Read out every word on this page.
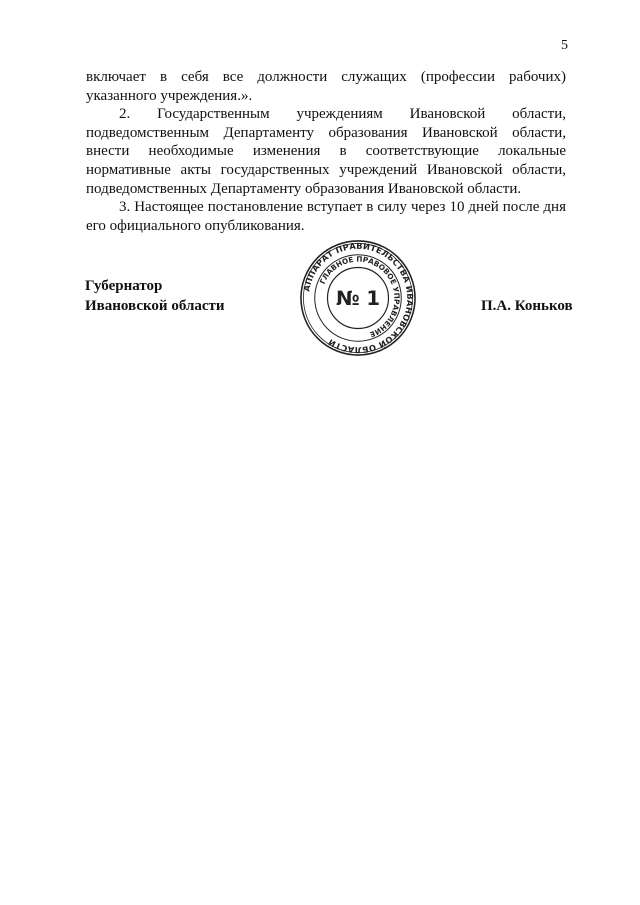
5

включает в себя все должности служащих (профессии рабочих) указанного учреждения.».

2. Государственным учреждениям Ивановской области, подведомственным Департаменту образования Ивановской области, внести необходимые изменения в соответствующие локальные нормативные акты государственных учреждений Ивановской области, подведомственных Департаменту образования Ивановской области.

3. Настоящее постановление вступает в силу через 10 дней после дня его официального опубликования.

Губернатор
Ивановской области
АППАРАТ ПРАВИТЕЛЬСТВА ИВАНОВСКОЙ ОБЛАСТИ
ГЛАВНОЕ ПРАВОВОЕ УПРАВЛЕНИЕ
№ 1	П.А. Коньков
